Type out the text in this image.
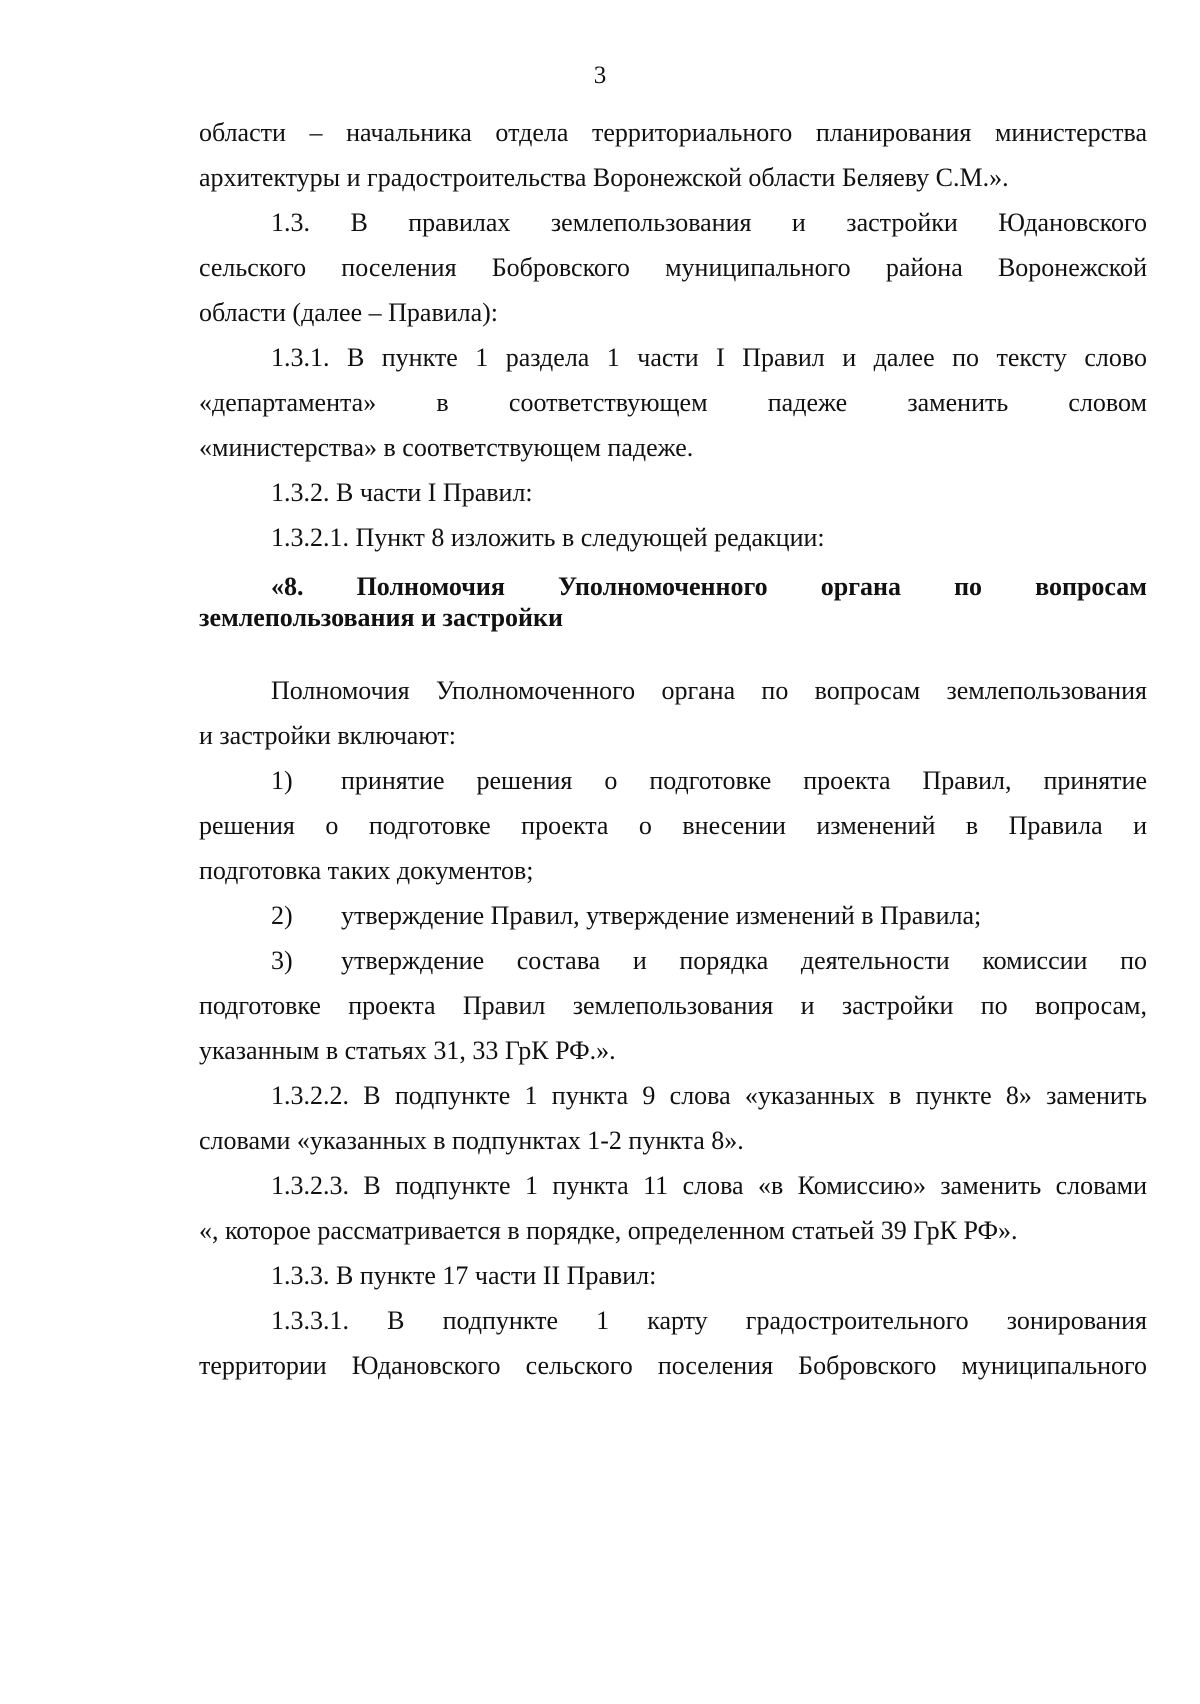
3
области – начальника отдела территориального планирования министерства
архитектуры и градостроительства Воронежской области Беляеву С.М.».
1.3. В правилах землепользования и застройки Юдановского
сельского поселения Бобровского муниципального района Воронежской
области (далее – Правила):
1.3.1. В пункте 1 раздела 1 части I Правил и далее по тексту слово
«департамента» в соответствующем падеже заменить словом
«министерства» в соответствующем падеже.
1.3.2. В части I Правил:
1.3.2.1. Пункт 8 изложить в следующей редакции:
«8. Полномочия Уполномоченного органа по вопросам
землепользования и застройки
Полномочия Уполномоченного органа по вопросам землепользования
и застройки включают:
1)	принятие решения о подготовке проекта Правил, принятие
решения о подготовке проекта о внесении изменений в Правила и
подготовка таких документов;
2)	утверждение Правил, утверждение изменений в Правила;
3)	утверждение состава и порядка деятельности комиссии по
подготовке проекта Правил землепользования и застройки по вопросам,
указанным в статьях 31, 33 ГрК РФ.».
1.3.2.2. В подпункте 1 пункта 9 слова «указанных в пункте 8» заменить
словами «указанных в подпунктах 1-2 пункта 8».
1.3.2.3. В подпункте 1 пункта 11 слова «в Комиссию» заменить словами
«, которое рассматривается в порядке, определенном статьей 39 ГрК РФ».
1.3.3. В пункте 17 части II Правил:
1.3.3.1. В подпункте 1 карту градостроительного зонирования
территории Юдановского сельского поселения Бобровского муниципального
